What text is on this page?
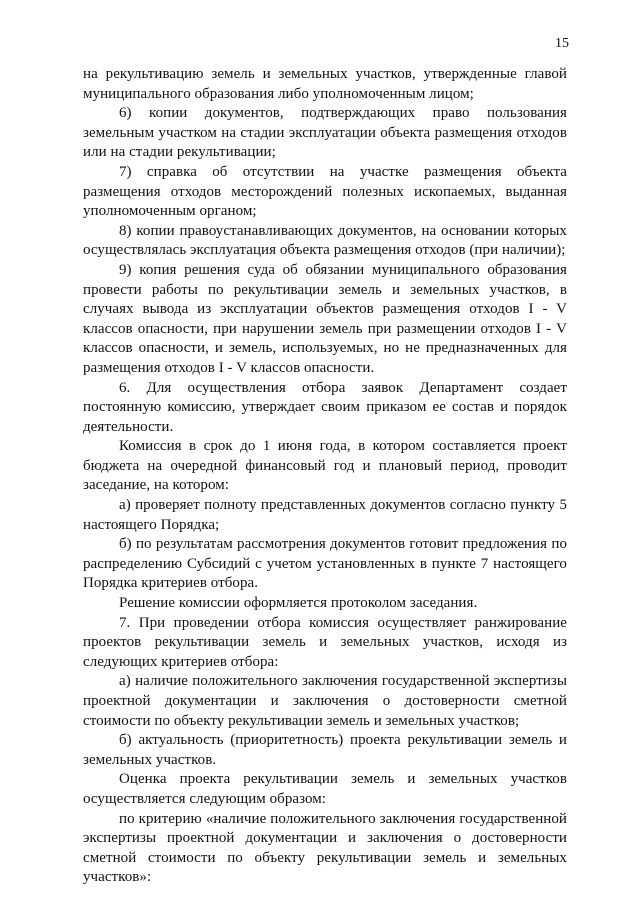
15

на рекультивацию земель и земельных участков, утвержденные главой муниципального образования либо уполномоченным лицом;

6) копии документов, подтверждающих право пользования земельным участком на стадии эксплуатации объекта размещения отходов или на стадии рекультивации;

7) справка об отсутствии на участке размещения объекта размещения отходов месторождений полезных ископаемых, выданная уполномоченным органом;

8) копии правоустанавливающих документов, на основании которых осуществлялась эксплуатация объекта размещения отходов (при наличии);

9) копия решения суда об обязании муниципального образования провести работы по рекультивации земель и земельных участков, в случаях вывода из эксплуатации объектов размещения отходов I - V классов опасности, при нарушении земель при размещении отходов I - V классов опасности, и земель, используемых, но не предназначенных для размещения отходов I - V классов опасности.

6. Для осуществления отбора заявок Департамент создает постоянную комиссию, утверждает своим приказом ее состав и порядок деятельности.

Комиссия в срок до 1 июня года, в котором составляется проект бюджета на очередной финансовый год и плановый период, проводит заседание, на котором:

а) проверяет полноту представленных документов согласно пункту 5 настоящего Порядка;

б) по результатам рассмотрения документов готовит предложения по распределению Субсидий с учетом установленных в пункте 7 настоящего Порядка критериев отбора.

Решение комиссии оформляется протоколом заседания.

7. При проведении отбора комиссия осуществляет ранжирование проектов рекультивации земель и земельных участков, исходя из следующих критериев отбора:

а) наличие положительного заключения государственной экспертизы проектной документации и заключения о достоверности сметной стоимости по объекту рекультивации земель и земельных участков;

б) актуальность (приоритетность) проекта рекультивации земель и земельных участков.

Оценка проекта рекультивации земель и земельных участков осуществляется следующим образом:

по критерию «наличие положительного заключения государственной экспертизы проектной документации и заключения о достоверности сметной стоимости по объекту рекультивации земель и земельных участков»:
